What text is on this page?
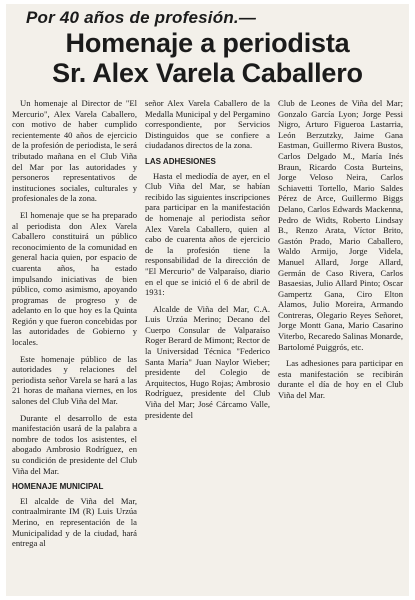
Por 40 años de profesión.—
Homenaje a periodista
Sr. Alex Varela Caballero

Un homenaje al Director de "El Mercurio", Alex Varela Caballero, con motivo de haber cumplido recientemente 40 años de ejercicio de la profesión de periodista, le será tributado mañana en el Club Viña del Mar por las autoridades y personeros representativos de instituciones sociales, culturales y profesionales de la zona.

El homenaje que se ha preparado al periodista don Alex Varela Caballero constituirá un público reconocimiento de la comunidad en general hacia quien, por espacio de cuarenta años, ha estado impulsando iniciativas de bien público, como asimismo, apoyando programas de progreso y de adelanto en lo que hoy es la Quinta Región y que fueron concebidas por las autoridades de Gobierno y locales.

Este homenaje público de las autoridades y relaciones del periodista señor Varela se hará a las 21 horas de mañana viernes, en los salones del Club Viña del Mar.

Durante el desarrollo de esta manifestación usará de la palabra a nombre de todos los asistentes, el abogado Ambrosio Rodríguez, en su condición de presidente del Club Viña del Mar.

HOMENAJE MUNICIPAL

El alcalde de Viña del Mar, contraalmirante IM (R) Luis Urzúa Merino, en representación de la Municipalidad y de la ciudad, hará entrega al

señor Alex Varela Caballero de la Medalla Municipal y del Pergamino correspondiente, por Servicios Distinguidos que se confiere a ciudadanos directos de la zona.

LAS ADHESIONES

Hasta el mediodía de ayer, en el Club Viña del Mar, se habían recibido las siguientes inscripciones para participar en la manifestación de homenaje al periodista señor Alex Varela Caballero, quien al cabo de cuarenta años de ejercicio de la profesión tiene la responsabilidad de la dirección de "El Mercurio" de Valparaíso, diario en el que se inició el 6 de abril de 1931:

Alcalde de Viña del Mar, C.A. Luis Urzúa Merino; Decano del Cuerpo Consular de Valparaíso Roger Berard de Mimont; Rector de la Universidad Técnica "Federico Santa María" Juan Naylor Wieber; presidente del Colegio de Arquitectos, Hugo Rojas; Ambrosio Rodríguez, presidente del Club Viña del Mar; José Cárcamo Valle, presidente del

Club de Leones de Viña del Mar; Gonzalo García Lyon; Jorge Pessi Nigro, Arturo Figueroa Lastarria, León Berzutzky, Jaime Gana Eastman, Guillermo Rivera Bustos, Carlos Delgado M., María Inés Braun, Ricardo Costa Burteins, Jorge Veloso Neira, Carlos Schiavetti Tortello, Mario Saldes Pérez de Arce, Guillermo Biggs Delano, Carlos Edwards Mackenna, Pedro de Widts, Roberto Lindsay B., Renzo Arata, Víctor Brito, Gastón Prado, Mario Caballero, Waldo Armijo, Jorge Videla, Manuel Allard, Jorge Allard, Germán de Caso Rivera, Carlos Basaesias, Julio Allard Pinto; Oscar Gampertz Gana, Ciro Elton Alamos, Julio Moreira, Armando Contreras, Olegario Reyes Señoret, Jorge Montt Gana, Mario Casarino Viterbo, Recaredo Salinas Monarde, Bartolomé Puiggrós, etc.

Las adhesiones para participar en esta manifestación se recibirán durante el día de hoy en el Club Viña del Mar.
